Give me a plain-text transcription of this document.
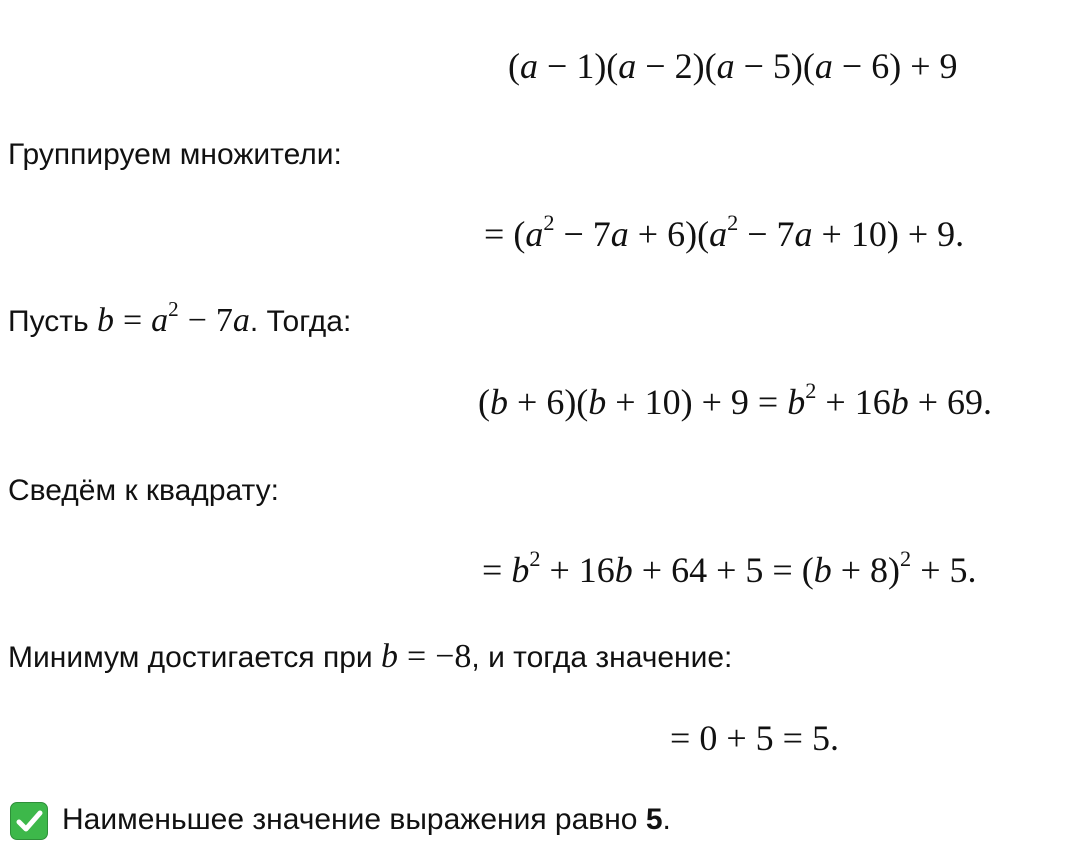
(a − 1)(a − 2)(a − 5)(a − 6) + 9
Группируем множители:
= $(a^2 - 7a + 6)(a^2 - 7a + 10) + 9$.
Пусть $b = a^2 - 7a$. Тогда:
$(b + 6)(b + 10) + 9 = b^2 + 16b + 69$.
Сведём к квадрату:
= $b^2 + 16b + 64 + 5 = (b + 8)^2 + 5$.
Минимум достигается при b = −8, и тогда значение:
= 0 + 5 = 5.
Наименьшее значение выражения равно 5.
